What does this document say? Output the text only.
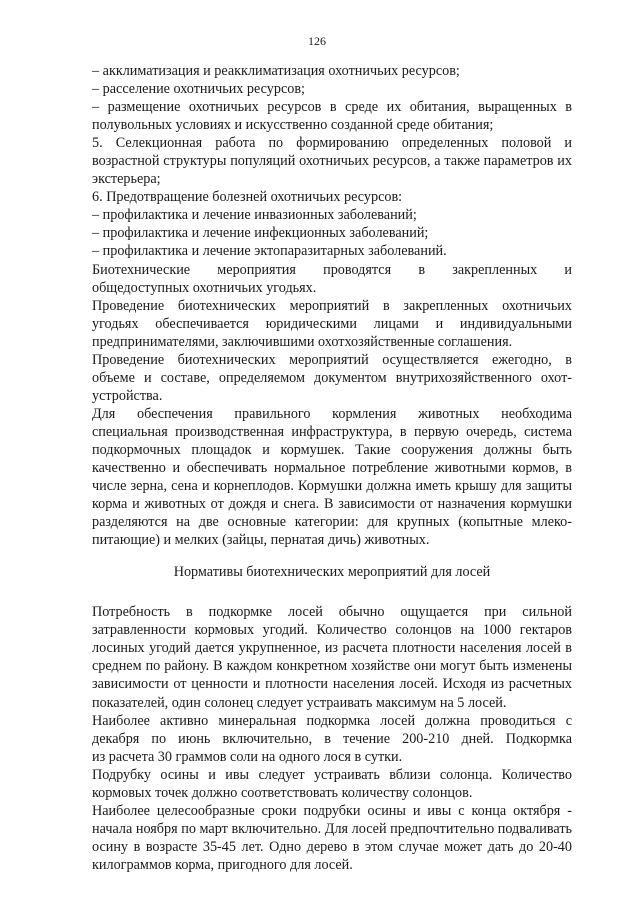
126
– акклиматизация и реакклиматизация охотничьих ресурсов;
– расселение охотничьих ресурсов;
– размещение охотничьих ресурсов в среде их обитания, выращенных в
полувольных условиях и искусственно созданной среде обитания;
5. Селекционная работа по формированию определенных половой и
возрастной структуры популяций охотничьих ресурсов, а также параметров их
экстерьера;
6. Предотвращение болезней охотничьих ресурсов:
– профилактика и лечение инвазионных заболеваний;
– профилактика и лечение инфекционных заболеваний;
– профилактика и лечение эктопаразитарных заболеваний.
Биотехнические мероприятия проводятся в закрепленных и
общедоступных охотничьих угодьях.
Проведение биотехнических мероприятий в закрепленных охотничьих
угодьях обеспечивается юридическими лицами и индивидуальными
предпринимателями, заключившими охотхозяйственные соглашения.
Проведение биотехнических мероприятий осуществляется ежегодно, в
объеме и составе, определяемом документом внутрихозяйственного охот-
устройства.
Для обеспечения правильного кормления животных необходима
специальная производственная инфраструктура, в первую очередь, система
подкормочных площадок и кормушек. Такие сооружения должны быть
качественно и обеспечивать нормальное потребление животными кормов, в
числе зерна, сена и корнеплодов. Кормушки должна иметь крышу для защиты
корма и животных от дождя и снега. В зависимости от назначения кормушки
разделяются на две основные категории: для крупных (копытные млеко-
питающие) и мелких (зайцы, пернатая дичь) животных.
Нормативы биотехнических мероприятий для лосей
Потребность в подкормке лосей обычно ощущается при сильной
затравленности кормовых угодий. Количество солонцов на 1000 гектаров
лосиных угодий дается укрупненное, из расчета плотности населения лосей в
среднем по району. В каждом конкретном хозяйстве они могут быть изменены
зависимости от ценности и плотности населения лосей. Исходя из расчетных
показателей, один солонец следует устраивать максимум на 5 лосей.
Наиболее активно минеральная подкормка лосей должна проводиться с
декабря по июнь включительно, в течение 200-210 дней. Подкормка
из расчета 30 граммов соли на одного лося в сутки.
Подрубку осины и ивы следует устраивать вблизи солонца. Количество
кормовых точек должно соответствовать количеству солонцов.
Наиболее целесообразные сроки подрубки осины и ивы с конца октября -
начала ноября по март включительно. Для лосей предпочтительно подваливать
осину в возрасте 35-45 лет. Одно дерево в этом случае может дать до 20-40
килограммов корма, пригодного для лосей.
